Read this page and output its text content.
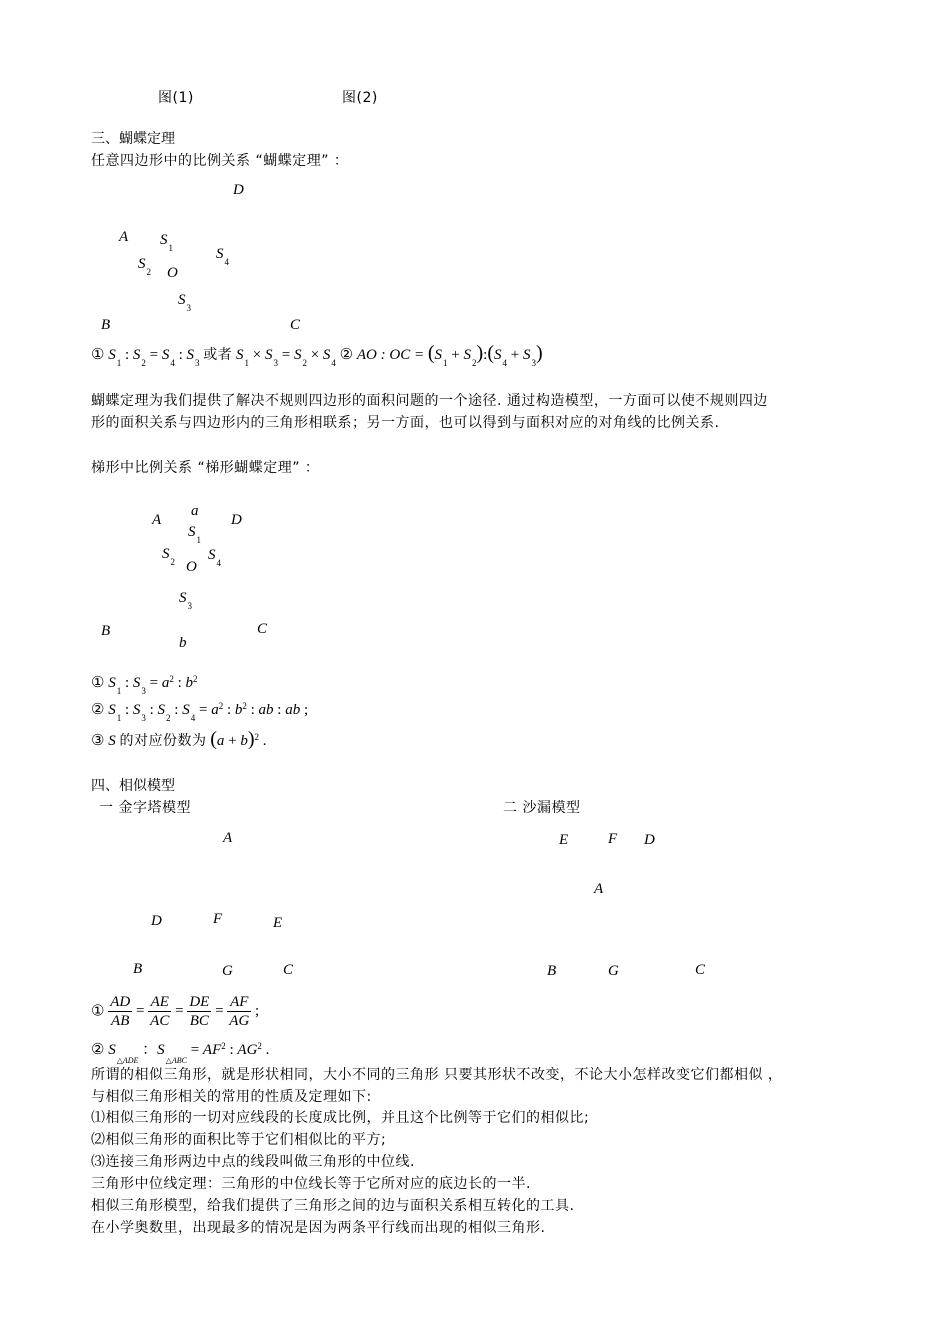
图(1)	图(2)
三、蝴蝶定理
任意四边形中的比例关系 “蝴蝶定理” ：
D
A $S_1$	$S_4$
$S_2$ O
$S_3$
B	C
① $S_1$ : $S_2 = S_4$ : $S_3$ 或者 $S_1 \times S_3 = S_2 \times S_4$ ② AO : OC = ($S_1$ + $S_2):(S_4 + S_3)$
蝴蝶定理为我们提供了解决不规则四边形的面积问题的一个途径. 通过构造模型，一方面可以使不规则四边
形的面积关系与四边形内的三角形相联系；另一方面，也可以得到与面积对应的对角线的比例关系.
梯形中比例关系 “梯形蝴蝶定理” ：
a
A	D
$S_1$
$S_2$ $S_4$
O
$S_3$
B	C
b
① $S_1$ : $S_3 = a^2$ : $b^2$
② $S_1$ : $S_3$ : $S_2$ : $S_4 = a^2$ : $b^2$ : ab : ab ;
③ S 的对应份数为 $(a + b)^2$ .
四、相似模型
一 金字塔模型	二 沙漏模型
A
D	F	E
B	G	C
E	F D
A
B	G	C
① $\frac{AD}{AB} = \frac{AE}{AC} = \frac{DE}{BC} = \frac{AF}{AG}$ ;
② $S_{\triangle ADE}$ ：$S_{\triangle ABC} = AF^2$ : $AG^2$ .
所谓的相似三角形，就是形状相同，大小不同的三角形 只要其形状不改变，不论大小怎样改变它们都相似 ，
与相似三角形相关的常用的性质及定理如下:
⑴相似三角形的一切对应线段的长度成比例，并且这个比例等于它们的相似比;
⑵相似三角形的面积比等于它们相似比的平方;
⑶连接三角形两边中点的线段叫做三角形的中位线.
三角形中位线定理：三角形的中位线长等于它所对应的底边长的一半.
相似三角形模型，给我们提供了三角形之间的边与面积关系相互转化的工具.
在小学奥数里，出现最多的情况是因为两条平行线而出现的相似三角形.
